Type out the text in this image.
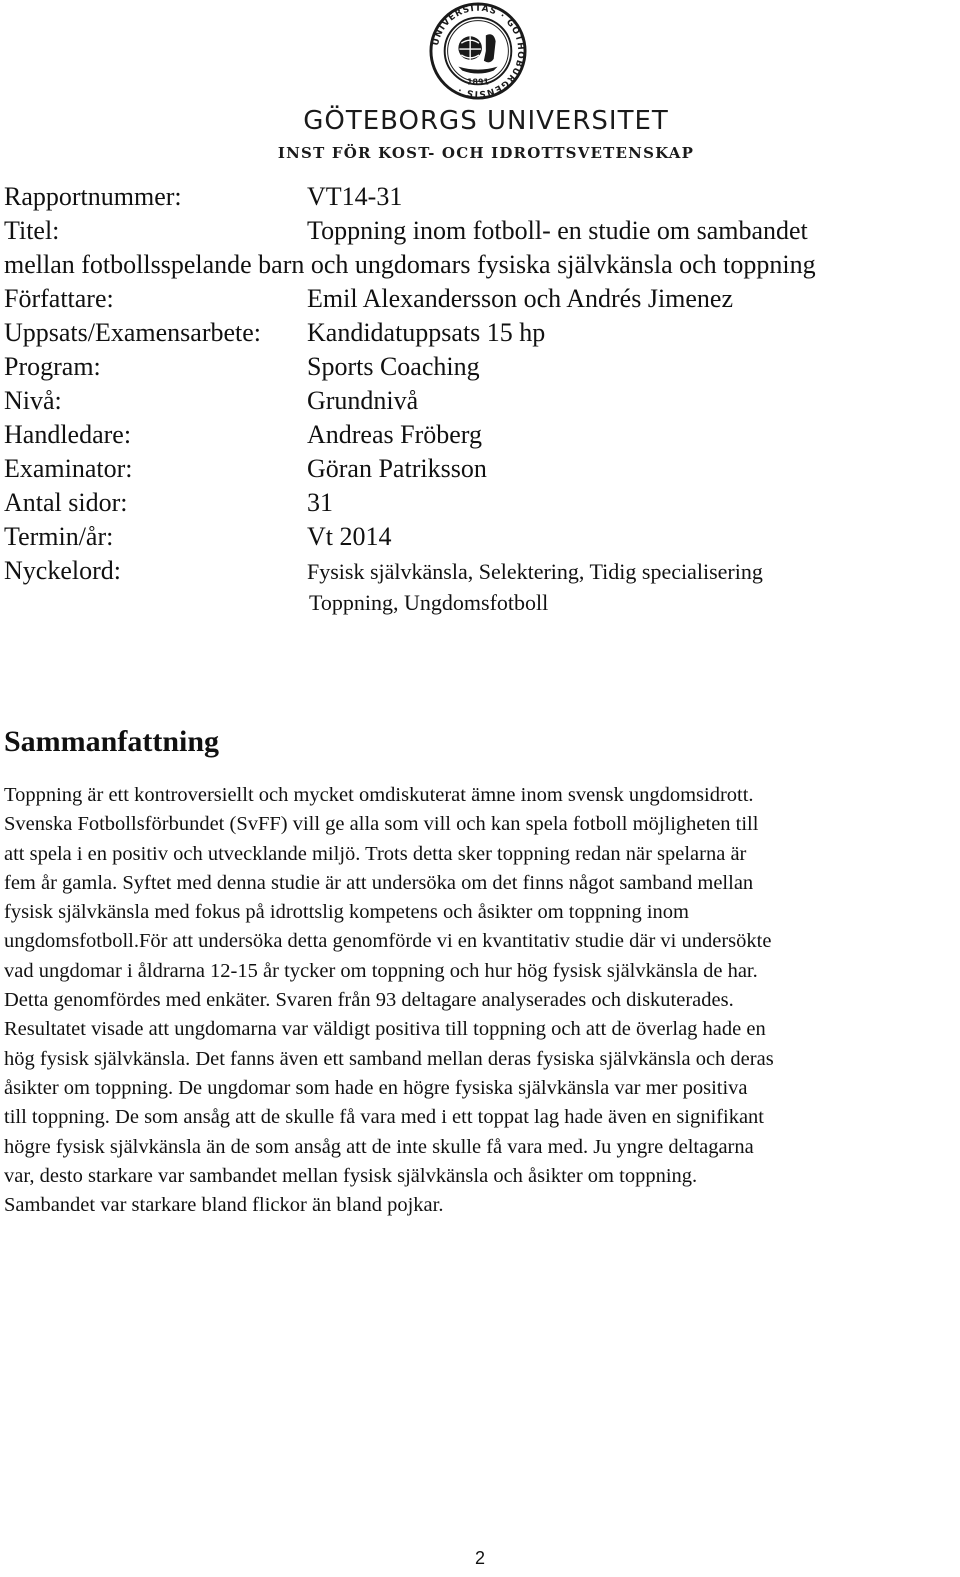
UNIVERSITAS · GOTHOBURGENSIS ·
1891
GÖTEBORGS UNIVERSITET
INST FÖR KOST- OCH IDROTTSVETENSKAP
Rapportnummer:	VT14-31
Titel:	Toppning inom fotboll- en studie om sambandet
mellan fotbollsspelande barn och ungdomars fysiska självkänsla och toppning
Författare:	Emil Alexandersson och Andrés Jimenez
Uppsats/Examensarbete: Kandidatuppsats 15 hp
Program:	Sports Coaching
Nivå:	Grundnivå
Handledare:	Andreas Fröberg
Examinator:	Göran Patriksson
Antal sidor:	31
Termin/år:	Vt 2014
Nyckelord:	Fysisk självkänsla, Selektering, Tidig specialisering
Toppning, Ungdomsfotboll
Sammanfattning
Toppning är ett kontroversiellt och mycket omdiskuterat ämne inom svensk ungdomsidrott.
Svenska Fotbollsförbundet (SvFF) vill ge alla som vill och kan spela fotboll möjligheten till
att spela i en positiv och utvecklande miljö. Trots detta sker toppning redan när spelarna är
fem år gamla. Syftet med denna studie är att undersöka om det finns något samband mellan
fysisk självkänsla med fokus på idrottslig kompetens och åsikter om toppning inom
ungdomsfotboll.För att undersöka detta genomförde vi en kvantitativ studie där vi undersökte
vad ungdomar i åldrarna 12-15 år tycker om toppning och hur hög fysisk självkänsla de har.
Detta genomfördes med enkäter. Svaren från 93 deltagare analyserades och diskuterades.
Resultatet visade att ungdomarna var väldigt positiva till toppning och att de överlag hade en
hög fysisk självkänsla. Det fanns även ett samband mellan deras fysiska självkänsla och deras
åsikter om toppning. De ungdomar som hade en högre fysiska självkänsla var mer positiva
till toppning. De som ansåg att de skulle få vara med i ett toppat lag hade även en signifikant
högre fysisk självkänsla än de som ansåg att de inte skulle få vara med. Ju yngre deltagarna
var, desto starkare var sambandet mellan fysisk självkänsla och åsikter om toppning.
Sambandet var starkare bland flickor än bland pojkar.
2
